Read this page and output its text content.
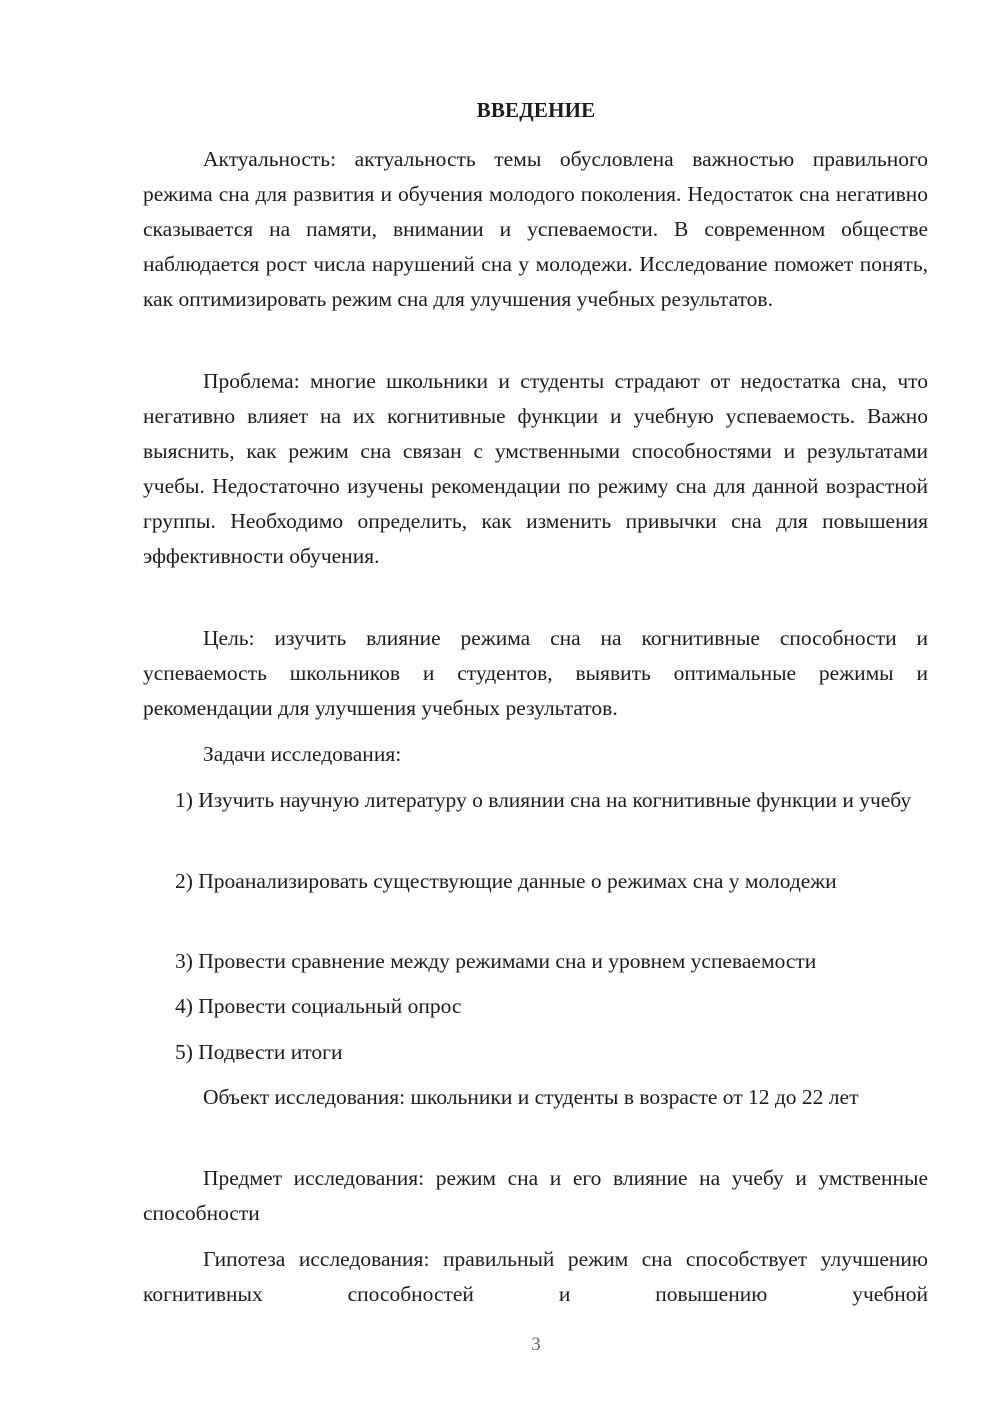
ВВЕДЕНИЕ

Актуальность: актуальность темы обусловлена важностью правильного режима сна для развития и обучения молодого поколения. Недостаток сна негативно сказывается на памяти, внимании и успеваемости. В современном обществе наблюдается рост числа нарушений сна у молодежи. Исследование поможет понять, как оптимизировать режим сна для улучшения учебных результатов.

Проблема: многие школьники и студенты страдают от недостатка сна, что негативно влияет на их когнитивные функции и учебную успеваемость. Важно выяснить, как режим сна связан с умственными способностями и результатами учебы. Недостаточно изучены рекомендации по режиму сна для данной возрастной группы. Необходимо определить, как изменить привычки сна для повышения эффективности обучения.

Цель: изучить влияние режима сна на когнитивные способности и успеваемость школьников и студентов, выявить оптимальные режимы и рекомендации для улучшения учебных результатов.

Задачи исследования:

1) Изучить научную литературу о влиянии сна на когнитивные функции и учебу

2) Проанализировать существующие данные о режимах сна у молодежи

3) Провести сравнение между режимами сна и уровнем успеваемости

4) Провести социальный опрос

5) Подвести итоги

Объект исследования: школьники и студенты в возрасте от 12 до 22 лет

Предмет исследования: режим сна и его влияние на учебу и умственные способности

Гипотеза исследования: правильный режим сна способствует улучшению когнитивных способностей и повышению учебной

3
